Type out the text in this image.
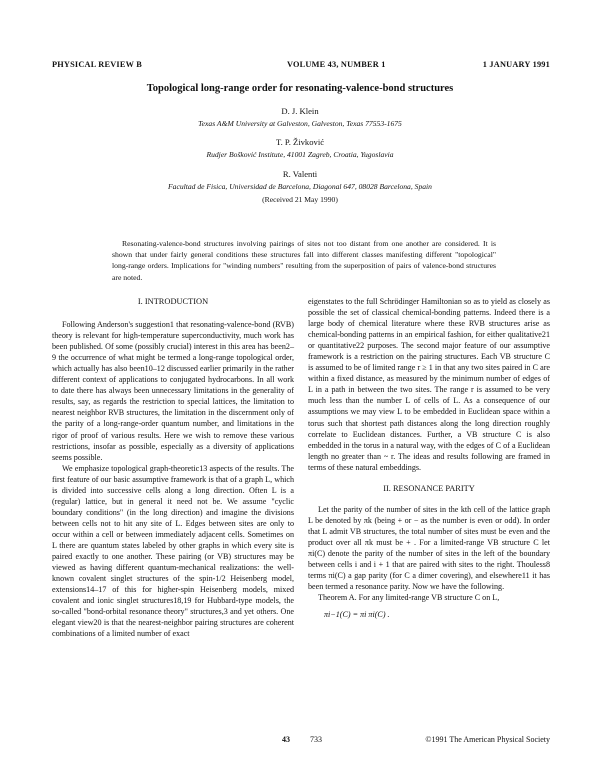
PHYSICAL REVIEW B	VOLUME 43, NUMBER 1	1 JANUARY 1991
Topological long-range order for resonating-valence-bond structures
D. J. Klein
Texas A&M University at Galveston, Galveston, Texas 77553-1675
T. P. Živković
Rudjer Bošković Institute, 41001 Zagreb, Croatia, Yugoslavia
R. Valenti
Facultad de Fisica, Universidad de Barcelona, Diagonal 647, 08028 Barcelona, Spain
(Received 21 May 1990)
Resonating-valence-bond structures involving pairings of sites not too distant from one another are considered. It is shown that under fairly general conditions these structures fall into different classes manifesting different "topological" long-range orders. Implications for "winding numbers" resulting from the superposition of pairs of valence-bond structures are noted.
I. INTRODUCTION

Following Anderson's suggestion1 that resonating-valence-bond (RVB) theory is relevant for high-temperature superconductivity, much work has been published. Of some (possibly crucial) interest in this area has been2–9 the occurrence of what might be termed a long-range topological order, which actually has also been10–12 discussed earlier primarily in the rather different context of applications to conjugated hydrocarbons. In all work to date there has always been unnecessary limitations in the generality of results, say, as regards the restriction to special lattices, the limitation to nearest neighbor RVB structures, the limitation in the discernment only of the parity of a long-range-order quantum number, and limitations in the rigor of proof of various results. Here we wish to remove these various restrictions, insofar as possible, especially as a diversity of applications seems possible.

We emphasize topological graph-theoretic13 aspects of the results. The first feature of our basic assumptive framework is that of a graph L, which is divided into successive cells along a long direction. Often L is a (regular) lattice, but in general it need not be. We assume "cyclic boundary conditions" (in the long direction) and imagine the divisions between cells not to hit any site of L. Edges between sites are only to occur within a cell or between immediately adjacent cells. Sometimes on L there are quantum states labeled by other graphs in which every site is paired exactly to one another. These pairing (or VB) structures may be viewed as having different quantum-mechanical realizations: the well-known covalent singlet structures of the spin-1/2 Heisenberg model, extensions14–17 of this for higher-spin Heisenberg models, mixed covalent and ionic singlet structures18,19 for Hubbard-type models, the so-called "bond-orbital resonance theory" structures,3 and yet others. One elegant view20 is that the nearest-neighbor pairing structures are coherent combinations of a limited number of exact

eigenstates to the full Schrödinger Hamiltonian so as to yield as closely as possible the set of classical chemical-bonding patterns. Indeed there is a large body of chemical literature where these RVB structures arise as chemical-bonding patterns in an empirical fashion, for either qualitative21 or quantitative22 purposes. The second major feature of our assumptive framework is a restriction on the pairing structures. Each VB structure C is assumed to be of limited range r ≥ 1 in that any two sites paired in C are within a fixed distance, as measured by the minimum number of edges of L in a path in between the two sites. The range r is assumed to be very much less than the number L of cells of L. As a consequence of our assumptions we may view L to be embedded in Euclidean space within a torus such that shortest path distances along the long direction roughly correlate to Euclidean distances. Further, a VB structure C is also embedded in the torus in a natural way, with the edges of C of a Euclidean length no greater than ~ r. The ideas and results following are framed in terms of these natural embeddings.

II. RESONANCE PARITY

Let the parity of the number of sites in the kth cell of the lattice graph L be denoted by πk (being + or − as the number is even or odd). In order that L admit VB structures, the total number of sites must be even and the product over all πk must be + . For a limited-range VB structure C let πi(C) denote the parity of the number of sites in the left of the boundary between cells i and i + 1 that are paired with sites to the right. Thouless8 terms πi(C) a gap parity (for C a dimer covering), and elsewhere11 it has been termed a resonance parity. Now we have the following.

Theorem A. For any limited-range VB structure C on L,

πi−1(C) = πi πi(C) .
43	733	©1991 The American Physical Society
